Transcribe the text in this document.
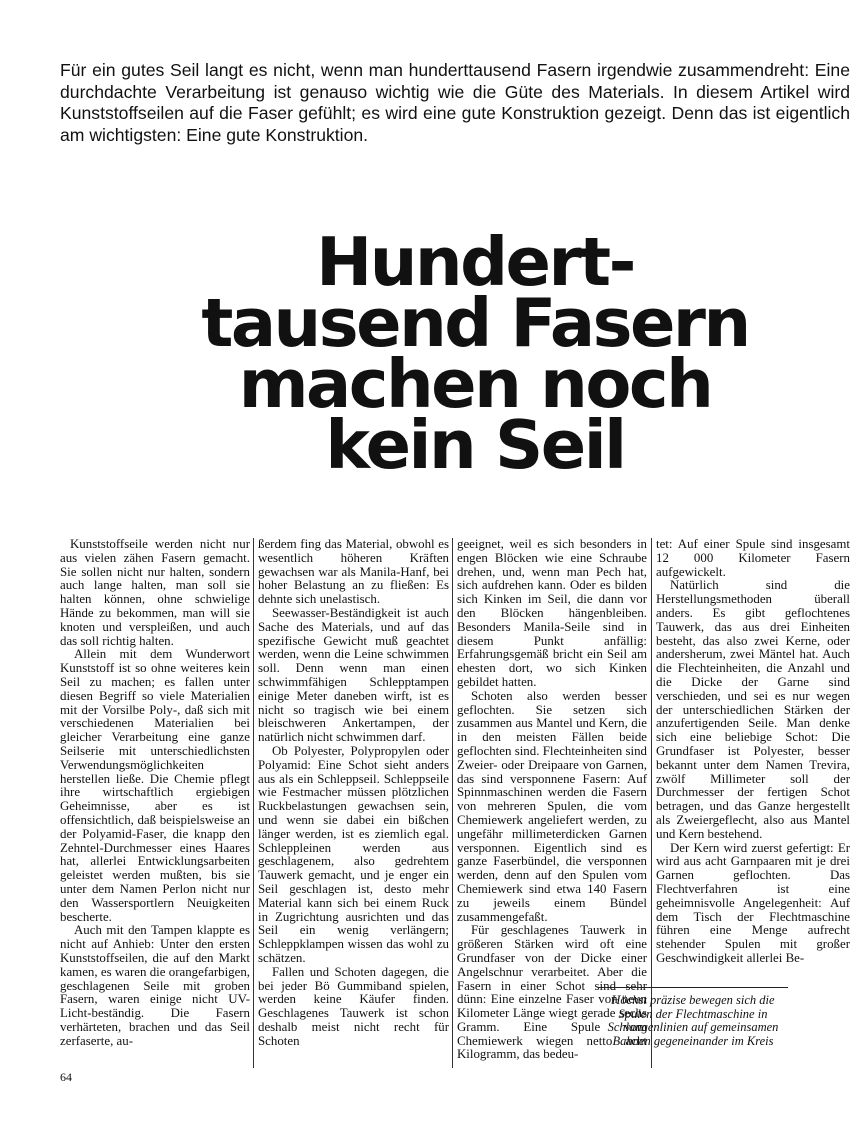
Für ein gutes Seil langt es nicht, wenn man hunderttausend Fasern irgendwie zusammendreht: Eine durchdachte Verarbeitung ist genauso wichtig wie die Güte des Materials. In diesem Artikel wird Kunststoffseilen auf die Faser gefühlt; es wird eine gute Konstruktion gezeigt. Denn das ist eigentlich am wichtigsten: Eine gute Konstruktion.

Hundert-
tausend Fasern
machen noch
kein Seil

Kunststoffseile werden nicht nur aus vielen zähen Fasern gemacht. Sie sollen nicht nur halten, sondern auch lange halten, man soll sie halten können, ohne schwielige Hände zu bekommen, man will sie knoten und verspleißen, und auch das soll richtig halten.

Allein mit dem Wunderwort Kunststoff ist so ohne weiteres kein Seil zu machen; es fallen unter diesen Begriff so viele Materialien mit der Vorsilbe Poly-, daß sich mit verschiedenen Materialien bei gleicher Verarbeitung eine ganze Seilserie mit unterschiedlichsten Verwendungsmöglichkeiten herstellen ließe. Die Chemie pflegt ihre wirtschaftlich ergiebigen Geheimnisse, aber es ist offensichtlich, daß beispielsweise an der Polyamid-Faser, die knapp den Zehntel-Durchmesser eines Haares hat, allerlei Entwicklungsarbeiten geleistet werden mußten, bis sie unter dem Namen Perlon nicht nur den Wassersportlern Neuigkeiten bescherte.

Auch mit den Tampen klappte es nicht auf Anhieb: Unter den ersten Kunststoffseilen, die auf den Markt kamen, es waren die orangefarbigen, geschlagenen Seile mit groben Fasern, waren einige nicht UV-Licht-beständig. Die Fasern verhärteten, brachen und das Seil zerfaserte, au-

ßerdem fing das Material, obwohl es wesentlich höheren Kräften gewachsen war als Manila-Hanf, bei hoher Belastung an zu fließen: Es dehnte sich unelastisch.

Seewasser-Beständigkeit ist auch Sache des Materials, und auf das spezifische Gewicht muß geachtet werden, wenn die Leine schwimmen soll. Denn wenn man einen schwimmfähigen Schlepptampen einige Meter daneben wirft, ist es nicht so tragisch wie bei einem bleischweren Ankertampen, der natürlich nicht schwimmen darf.

Ob Polyester, Polypropylen oder Polyamid: Eine Schot sieht anders aus als ein Schleppseil. Schleppseile wie Festmacher müssen plötzlichen Ruckbelastungen gewachsen sein, und wenn sie dabei ein bißchen länger werden, ist es ziemlich egal. Schleppleinen werden aus geschlagenem, also gedrehtem Tauwerk gemacht, und je enger ein Seil geschlagen ist, desto mehr Material kann sich bei einem Ruck in Zugrichtung ausrichten und das Seil ein wenig verlängern; Schleppklampen wissen das wohl zu schätzen.

Fallen und Schoten dagegen, die bei jeder Bö Gummiband spielen, werden keine Käufer finden. Geschlagenes Tauwerk ist schon deshalb meist nicht recht für Schoten

geeignet, weil es sich besonders in engen Blöcken wie eine Schraube drehen, und, wenn man Pech hat, sich aufdrehen kann. Oder es bilden sich Kinken im Seil, die dann vor den Blöcken hängenbleiben. Besonders Manila-Seile sind in diesem Punkt anfällig: Erfahrungsgemäß bricht ein Seil am ehesten dort, wo sich Kinken gebildet hatten.

Schoten also werden besser geflochten. Sie setzen sich zusammen aus Mantel und Kern, die in den meisten Fällen beide geflochten sind. Flechteinheiten sind Zweier- oder Dreipaare von Garnen, das sind versponnene Fasern: Auf Spinnmaschinen werden die Fasern von mehreren Spulen, die vom Chemiewerk angeliefert werden, zu ungefähr millimeterdicken Garnen versponnen. Eigentlich sind es ganze Faserbündel, die versponnen werden, denn auf den Spulen vom Chemiewerk sind etwa 140 Fasern zu jeweils einem Bündel zusammengefaßt.

Für geschlagenes Tauwerk in größeren Stärken wird oft eine Grundfaser von der Dicke einer Angelschnur verarbeitet. Aber die Fasern in einer Schot sind sehr dünn: Eine einzelne Faser von neun Kilometer Länge wiegt gerade sechs Gramm. Eine Spule vom Chemiewerk wiegen netto acht Kilogramm, das bedeu-

tet: Auf einer Spule sind insgesamt 12 000 Kilometer Fasern aufgewickelt.

Natürlich sind die Herstellungsmethoden überall anders. Es gibt geflochtenes Tauwerk, das aus drei Einheiten besteht, das also zwei Kerne, oder andersherum, zwei Mäntel hat. Auch die Flechteinheiten, die Anzahl und die Dicke der Garne sind verschieden, und sei es nur wegen der unterschiedlichen Stärken der anzufertigenden Seile. Man denke sich eine beliebige Schot: Die Grundfaser ist Polyester, besser bekannt unter dem Namen Trevira, zwölf Millimeter soll der Durchmesser der fertigen Schot betragen, und das Ganze hergestellt als Zweiergeflecht, also aus Mantel und Kern bestehend.

Der Kern wird zuerst gefertigt: Er wird aus acht Garnpaaren mit je drei Garnen geflochten. Das Flechtverfahren ist eine geheimnisvolle Angelegenheit: Auf dem Tisch der Flechtmaschine führen eine Menge aufrecht stehender Spulen mit großer Geschwindigkeit allerlei Be-

Höchst präzise bewegen sich die Spulen der Flechtmaschine in Schlangenlinien auf gemeinsamen Bahnen gegeneinander im Kreis
64
